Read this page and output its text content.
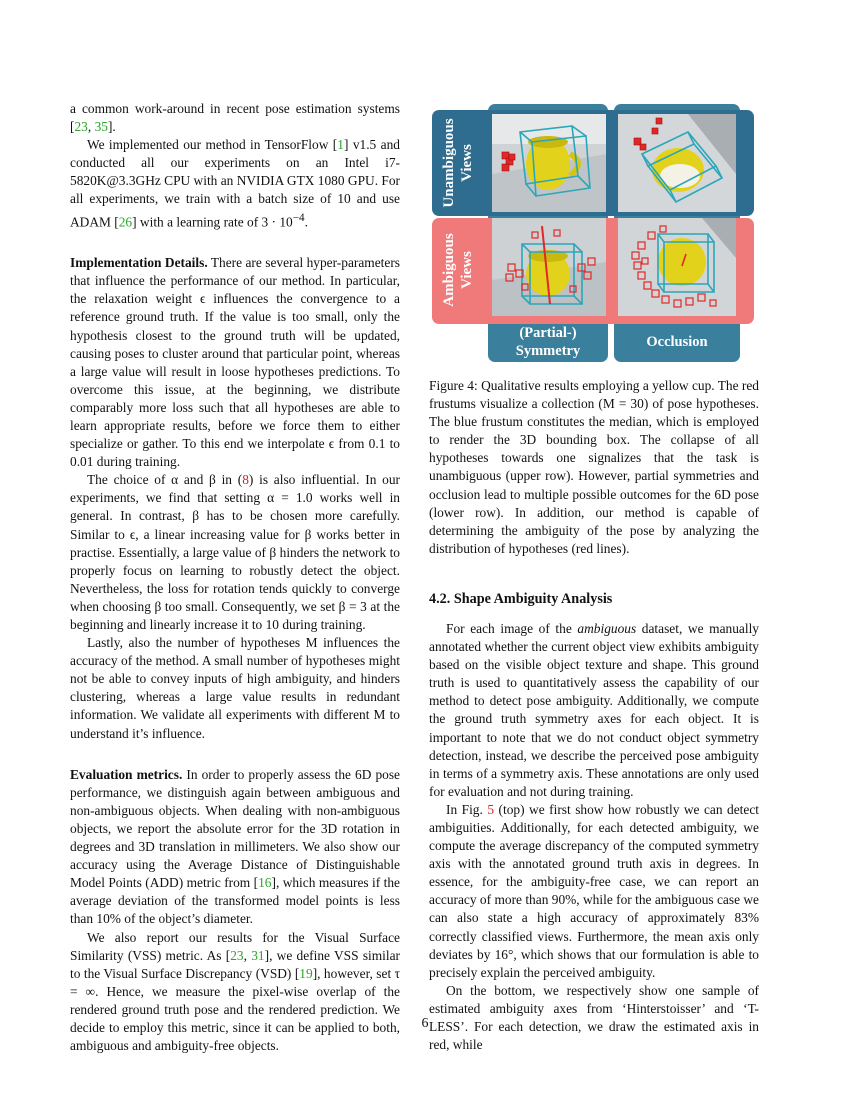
a common work-around in recent pose estimation systems [23, 35].

We implemented our method in TensorFlow [1] v1.5 and conducted all our experiments on an Intel i7-5820K@3.3GHz CPU with an NVIDIA GTX 1080 GPU. For all experiments, we train with a batch size of 10 and use ADAM [26] with a learning rate of $3 \cdot 10^{-4}$.

Implementation Details. There are several hyper-parameters that influence the performance of our method. In particular, the relaxation weight ϵ influences the convergence to a reference ground truth. If the value is too small, only the hypothesis closest to the ground truth will be updated, causing poses to cluster around that particular point, whereas a large value will result in loose hypotheses predictions. To overcome this issue, at the beginning, we distribute comparably more loss such that all hypotheses are able to learn appropriate results, before we force them to either specialize or gather. To this end we interpolate ϵ from 0.1 to 0.01 during training.

The choice of α and β in (8) is also influential. In our experiments, we find that setting α = 1.0 works well in general. In contrast, β has to be chosen more carefully. Similar to ϵ, a linear increasing value for β works better in practise. Essentially, a large value of β hinders the network to properly focus on learning to robustly detect the object. Nevertheless, the loss for rotation tends quickly to converge when choosing β too small. Consequently, we set β = 3 at the beginning and linearly increase it to 10 during training.

Lastly, also the number of hypotheses M influences the accuracy of the method. A small number of hypotheses might not be able to convey inputs of high ambiguity, and hinders clustering, whereas a large value results in redundant information. We validate all experiments with different M to understand it’s influence.

Evaluation metrics. In order to properly assess the 6D pose performance, we distinguish again between ambiguous and non-ambiguous objects. When dealing with non-ambiguous objects, we report the absolute error for the 3D rotation in degrees and 3D translation in millimeters. We also show our accuracy using the Average Distance of Distinguishable Model Points (ADD) metric from [16], which measures if the average deviation of the transformed model points is less than 10% of the object’s diameter.

We also report our results for the Visual Surface Similarity (VSS) metric. As [23, 31], we define VSS similar to the Visual Surface Discrepancy (VSD) [19], however, set τ = ∞. Hence, we measure the pixel-wise overlap of the rendered ground truth pose and the rendered prediction. We decide to employ this metric, since it can be applied to both, ambiguous and ambiguity-free objects.

Unambiguous Views
Ambiguous Views
(Partial-)
Symmetry
Occlusion

Figure 4: Qualitative results employing a yellow cup. The red frustums visualize a collection (M = 30) of pose hypotheses. The blue frustum constitutes the median, which is employed to render the 3D bounding box. The collapse of all hypotheses towards one signalizes that the task is unambiguous (upper row). However, partial symmetries and occlusion lead to multiple possible outcomes for the 6D pose (lower row). In addition, our method is capable of determining the ambiguity of the pose by analyzing the distribution of hypotheses (red lines).

4.2. Shape Ambiguity Analysis

For each image of the ambiguous dataset, we manually annotated whether the current object view exhibits ambiguity based on the visible object texture and shape. This ground truth is used to quantitatively assess the capability of our method to detect pose ambiguity. Additionally, we compute the ground truth symmetry axes for each object. It is important to note that we do not conduct object symmetry detection, instead, we describe the perceived pose ambiguity in terms of a symmetry axis. These annotations are only used for evaluation and not during training.

In Fig. 5 (top) we first show how robustly we can detect ambiguities. Additionally, for each detected ambiguity, we compute the average discrepancy of the computed symmetry axis with the annotated ground truth axis in degrees. In essence, for the ambiguity-free case, we can report an accuracy of more than 90%, while for the ambiguous case we can also state a high accuracy of approximately 83% correctly classified views. Furthermore, the mean axis only deviates by 16°, which shows that our formulation is able to precisely explain the perceived ambiguity.

On the bottom, we respectively show one sample of estimated ambiguity axes from ‘Hinterstoisser’ and ‘T-LESS’. For each detection, we draw the estimated axis in red, while

6
